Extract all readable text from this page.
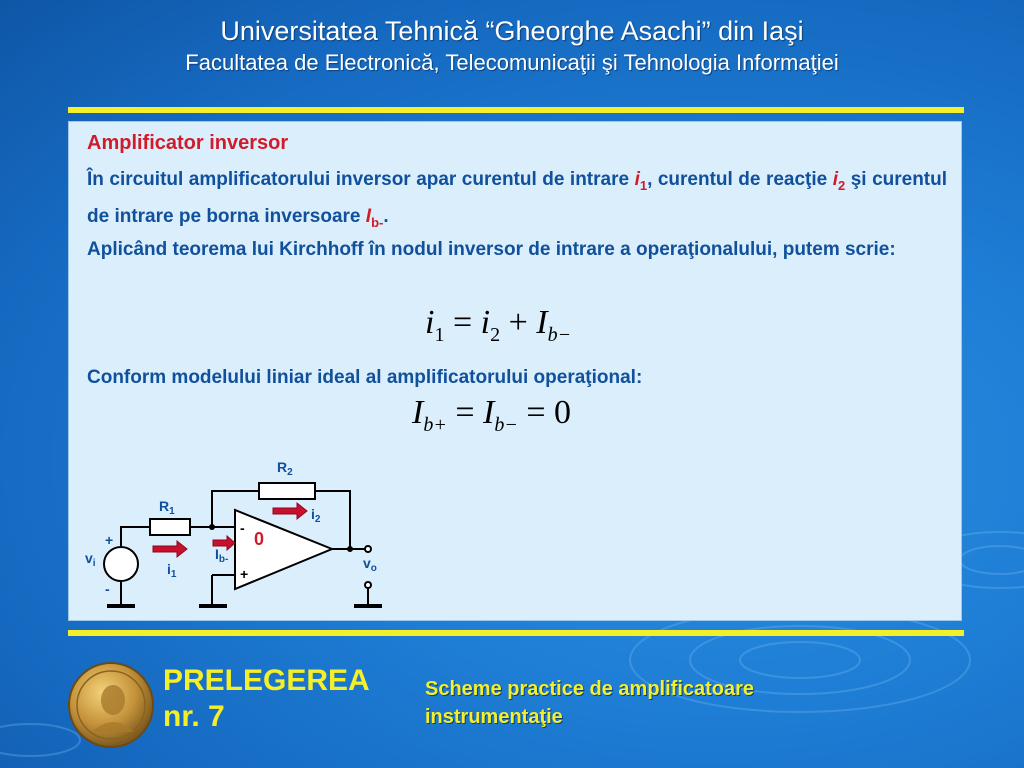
Universitatea Tehnică “Gheorghe Asachi” din Iaşi
Facultatea de Electronică, Telecomunicaţii şi Tehnologia Informaţiei
Amplificator inversor
În circuitul amplificatorului inversor apar curentul de intrare $i_1$, curentul de reacţie $i_2$ şi curentul de intrare pe borna inversoare $I_{b-}$.
Aplicând teorema lui Kirchhoff în nodul inversor de intrare a operaţionalului, putem scrie:
$i_1 = i_2 + I_{b-}$
Conform modelului liniar ideal al amplificatorului operaţional:
$I_{b+} = I_{b-} = 0$
$R_2$
$R_1$	$i_2$
$i_1$
$I_{b-}$
$v_i$	$v_o$
+
-
-
+
0
PRELEGEREA
nr. 7
Scheme practice de amplificatoare
instrumentaţie
